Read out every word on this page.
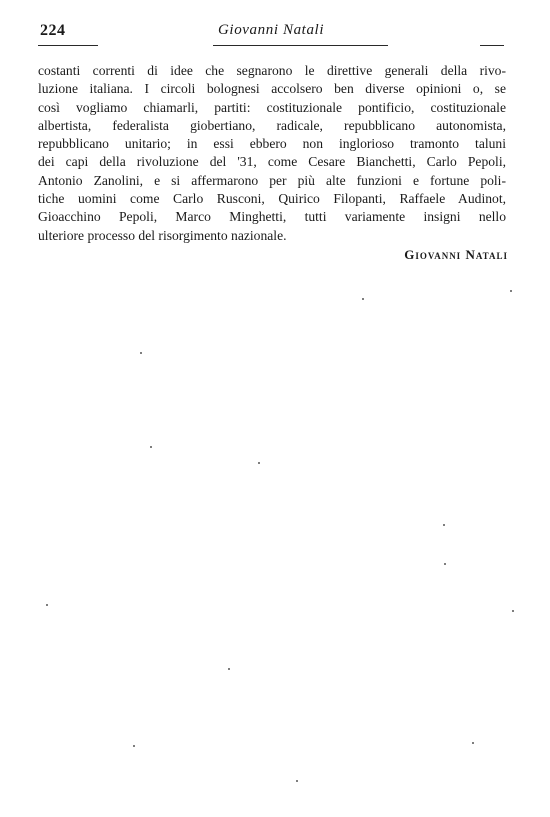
224	Giovanni Natali
costanti correnti di idee che segnarono le direttive generali della rivo-
luzione italiana. I circoli bolognesi accolsero ben diverse opinioni o, se
così vogliamo chiamarli, partiti: costituzionale pontificio, costituzionale
albertista, federalista giobertiano, radicale, repubblicano autonomista,
repubblicano unitario; in essi ebbero non inglorioso tramonto taluni
dei capi della rivoluzione del '31, come Cesare Bianchetti, Carlo Pepoli,
Antonio Zanolini, e si affermarono per più alte funzioni e fortune poli-
tiche uomini come Carlo Rusconi, Quirico Filopanti, Raffaele Audinot,
Gioacchino Pepoli, Marco Minghetti, tutti variamente insigni nello
ulteriore processo del risorgimento nazionale.
Giovanni Natali
